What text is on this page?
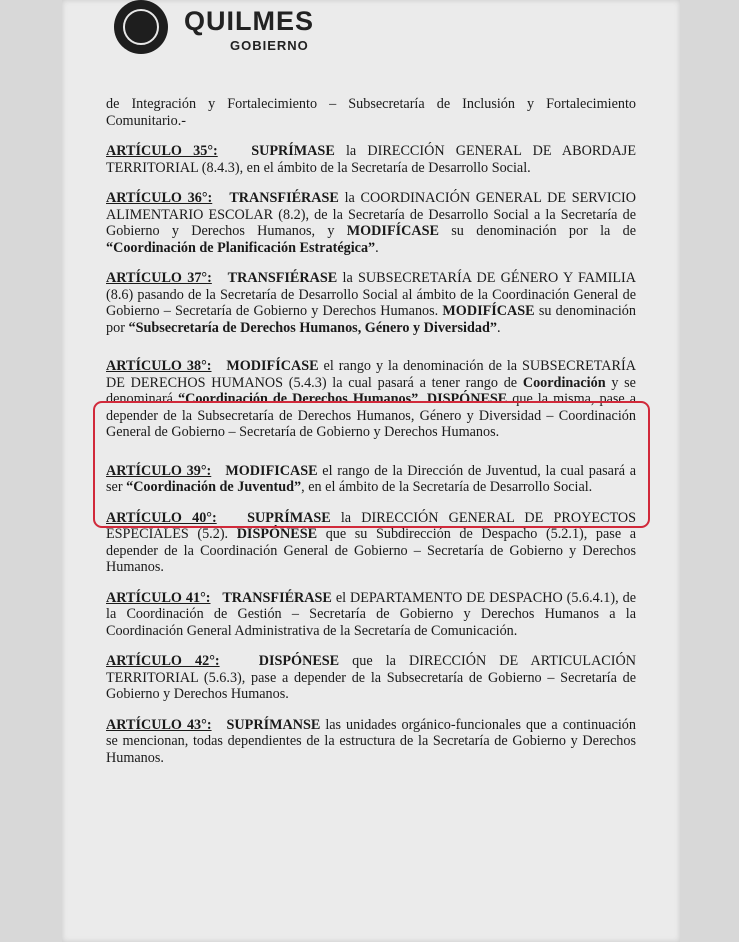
QUILMES
GOBIERNO

de Integración y Fortalecimiento – Subsecretaría de Inclusión y Fortalecimiento Comunitario.-

ARTÍCULO 35°: SUPRÍMASE la DIRECCIÓN GENERAL DE ABORDAJE TERRITORIAL (8.4.3), en el ámbito de la Secretaría de Desarrollo Social.

ARTÍCULO 36°: TRANSFIÉRASE la COORDINACIÓN GENERAL DE SERVICIO ALIMENTARIO ESCOLAR (8.2), de la Secretaría de Desarrollo Social a la Secretaría de Gobierno y Derechos Humanos, y MODIFÍCASE su denominación por la de “Coordinación de Planificación Estratégica”.

ARTÍCULO 37°: TRANSFIÉRASE la SUBSECRETARÍA DE GÉNERO Y FAMILIA (8.6) pasando de la Secretaría de Desarrollo Social al ámbito de la Coordinación General de Gobierno – Secretaría de Gobierno y Derechos Humanos. MODIFÍCASE su denominación por “Subsecretaría de Derechos Humanos, Género y Diversidad”.

ARTÍCULO 38°: MODIFÍCASE el rango y la denominación de la SUBSECRETARÍA DE DERECHOS HUMANOS (5.4.3) la cual pasará a tener rango de Coordinación y se denominará “Coordinación de Derechos Humanos”. DISPÓNESE que la misma, pase a depender de la Subsecretaría de Derechos Humanos, Género y Diversidad – Coordinación General de Gobierno – Secretaría de Gobierno y Derechos Humanos.

ARTÍCULO 39°: MODIFICASE el rango de la Dirección de Juventud, la cual pasará a ser “Coordinación de Juventud”, en el ámbito de la Secretaría de Desarrollo Social.

ARTÍCULO 40°: SUPRÍMASE la DIRECCIÓN GENERAL DE PROYECTOS ESPECIALES (5.2). DISPÓNESE que su Subdirección de Despacho (5.2.1), pase a depender de la Coordinación General de Gobierno – Secretaría de Gobierno y Derechos Humanos.

ARTÍCULO 41°: TRANSFIÉRASE el DEPARTAMENTO DE DESPACHO (5.6.4.1), de la Coordinación de Gestión – Secretaría de Gobierno y Derechos Humanos a la Coordinación General Administrativa de la Secretaría de Comunicación.

ARTÍCULO 42°:	DISPÓNESE que la DIRECCIÓN DE ARTICULACIÓN TERRITORIAL (5.6.3), pase a depender de la Subsecretaría de Gobierno – Secretaría de Gobierno y Derechos Humanos.

ARTÍCULO 43°: SUPRÍMANSE las unidades orgánico-funcionales que a continuación se mencionan, todas dependientes de la estructura de la Secretaría de Gobierno y Derechos Humanos.
